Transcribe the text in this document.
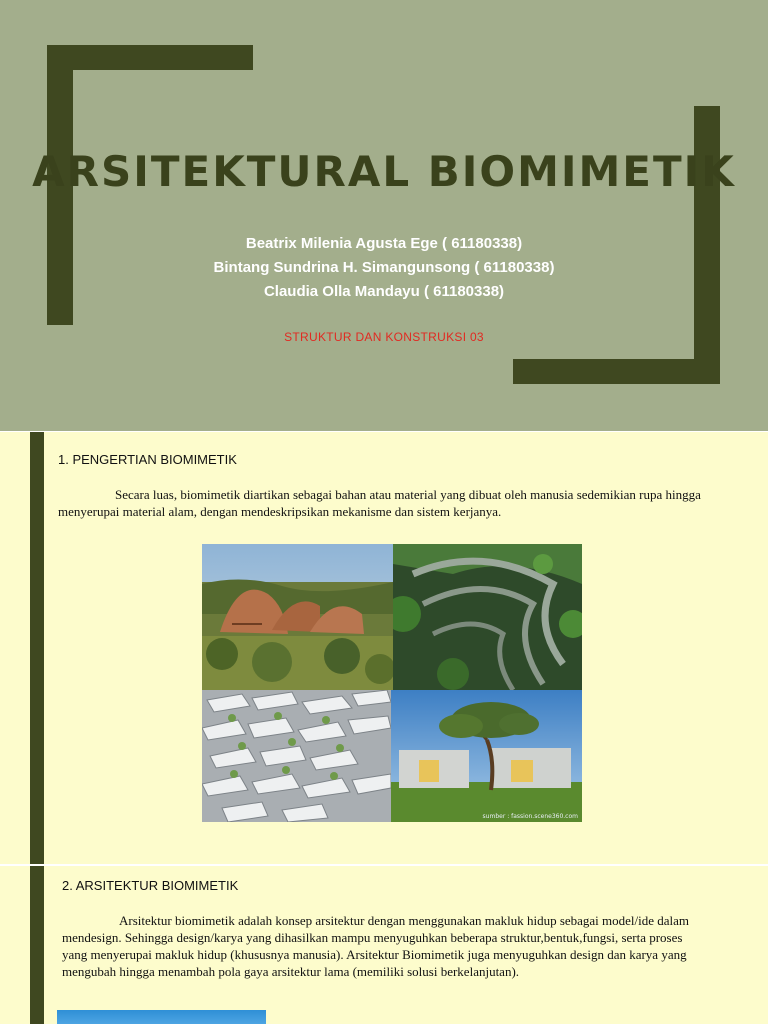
ARSITEKTURAL BIOMIMETIK
Beatrix Milenia Agusta Ege ( 61180338)
Bintang Sundrina H. Simangunsong ( 61180338)
Claudia Olla Mandayu ( 61180338)
STRUKTUR DAN KONSTRUKSI 03
1. PENGERTIAN BIOMIMETIK

Secara luas, biomimetik diartikan sebagai bahan atau material yang dibuat oleh manusia sedemikian rupa hingga menyerupai material alam, dengan mendeskripsikan mekanisme dan sistem kerjanya.

sumber : fassion.scene360.com
2. ARSITEKTUR BIOMIMETIK

Arsitektur biomimetik adalah konsep arsitektur dengan menggunakan makluk hidup sebagai model/ide dalam mendesign. Sehingga design/karya yang dihasilkan mampu menyuguhkan beberapa struktur,bentuk,fungsi, serta proses yang menyerupai makluk hidup (khususnya manusia). Arsitektur Biomimetik juga menyuguhkan design dan karya yang mengubah hingga menambah pola gaya arsitektur lama (memiliki solusi berkelanjutan).
